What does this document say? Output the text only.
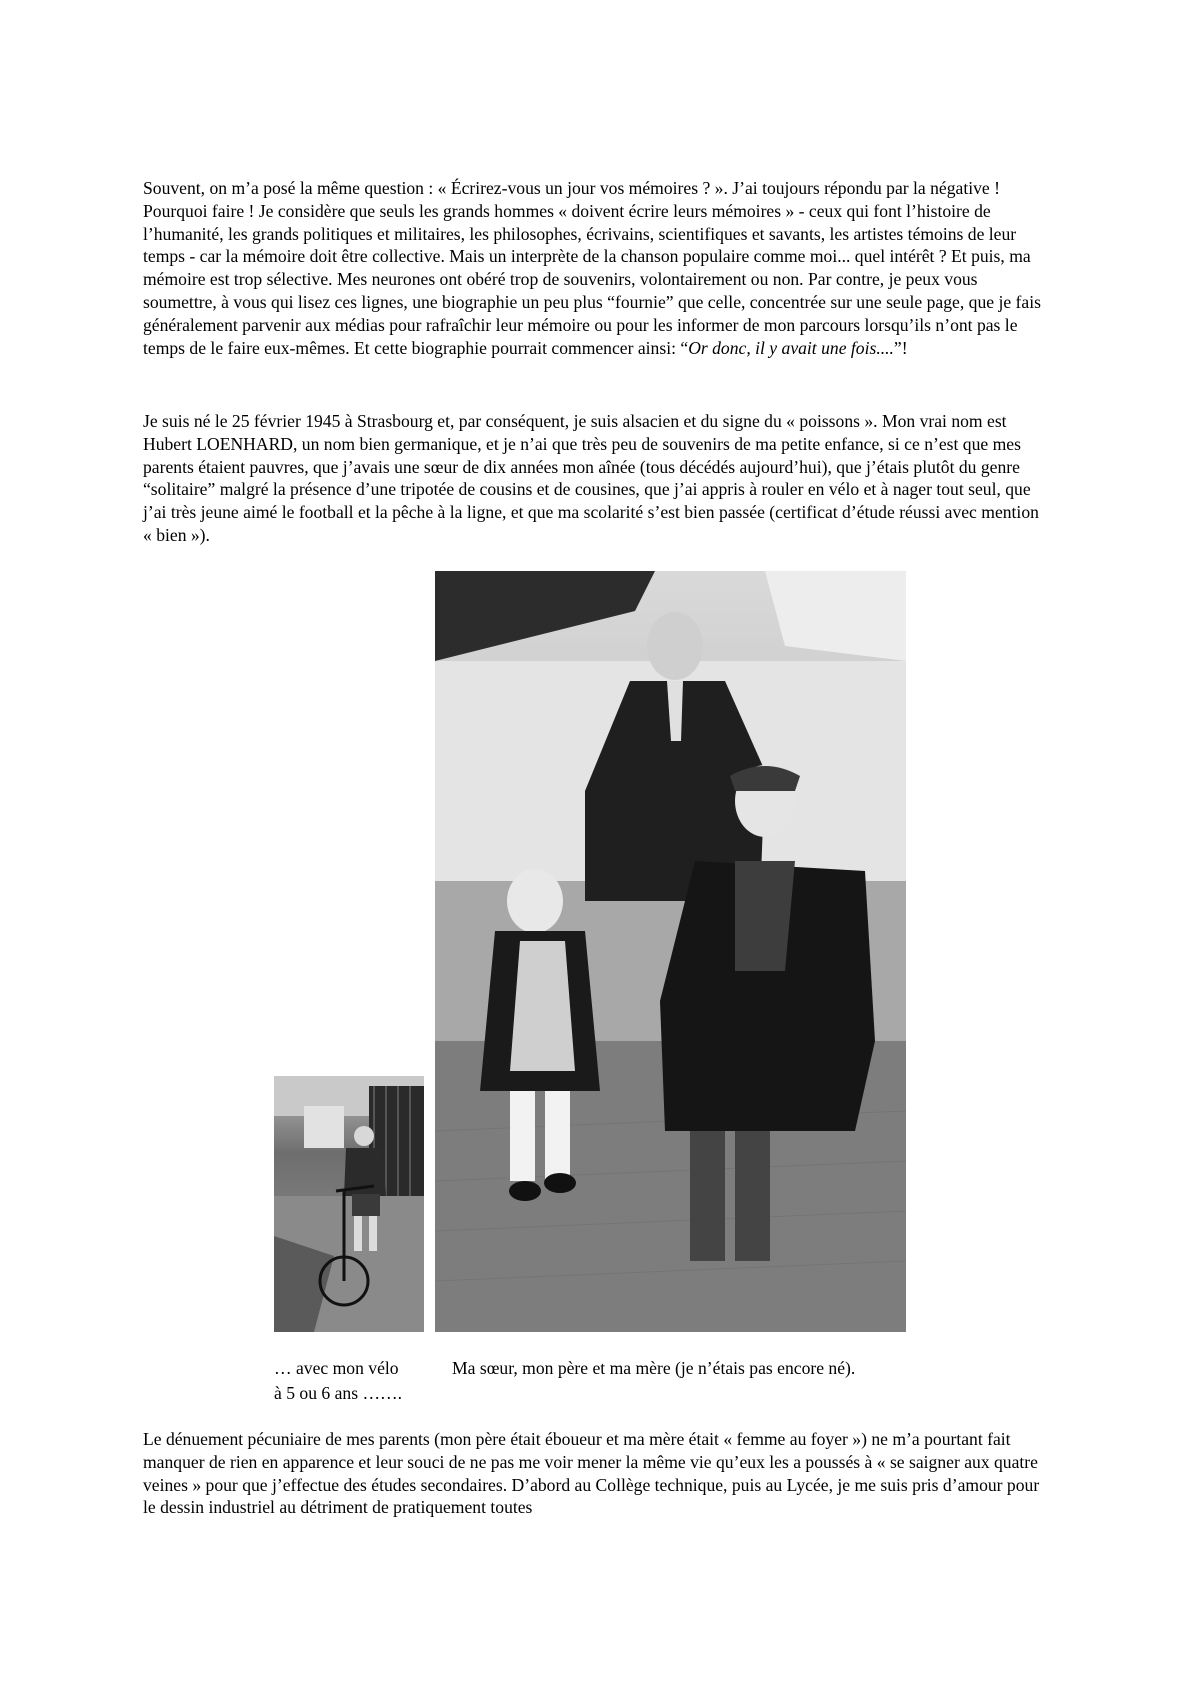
Souvent, on m’a posé la même question : « Écrirez-vous un jour vos mémoires ? ». J’ai toujours répondu par la négative ! Pourquoi faire ! Je considère que seuls les grands hommes « doivent écrire leurs mémoires » - ceux qui font l’histoire de l’humanité, les grands politiques et militaires, les philosophes, écrivains, scientifiques et savants, les artistes témoins de leur temps - car la mémoire doit être collective. Mais un interprète de la chanson populaire comme moi... quel intérêt ? Et puis, ma mémoire est trop sélective. Mes neurones ont obéré trop de souvenirs, volontairement ou non. Par contre, je peux vous soumettre, à vous qui lisez ces lignes, une biographie un peu plus “fournie” que celle, concentrée sur une seule page, que je fais généralement parvenir aux médias pour rafraîchir leur mémoire ou pour les informer de mon parcours lorsqu’ils n’ont pas le temps de le faire eux-mêmes. Et cette biographie pourrait commencer ainsi: “Or donc, il y avait une fois....”!

Je suis né le 25 février 1945 à Strasbourg et, par conséquent, je suis alsacien et du signe du « poissons ». Mon vrai nom est Hubert LOENHARD, un nom bien germanique, et je n’ai que très peu de souvenirs de ma petite enfance, si ce n’est que mes parents étaient pauvres, que j’avais une sœur de dix années mon aînée (tous décédés aujourd’hui), que j’étais plutôt du genre “solitaire” malgré la présence d’une tripotée de cousins et de cousines, que j’ai appris à rouler en vélo et à nager tout seul, que j’ai très jeune aimé le football et la pêche à la ligne, et que ma scolarité s’est bien passée (certificat d’étude réussi avec mention « bien »).

… avec mon vélo
à 5 ou 6 ans …….

Ma sœur, mon père et ma mère (je n’étais pas encore né).

Le dénuement pécuniaire de mes parents (mon père était éboueur et ma mère était « femme au foyer ») ne m’a pourtant fait manquer de rien en apparence et leur souci de ne pas me voir mener la même vie qu’eux les a poussés à « se saigner aux quatre veines » pour que j’effectue des études secondaires. D’abord au Collège technique, puis au Lycée, je me suis pris d’amour pour le dessin industriel au détriment de pratiquement toutes
